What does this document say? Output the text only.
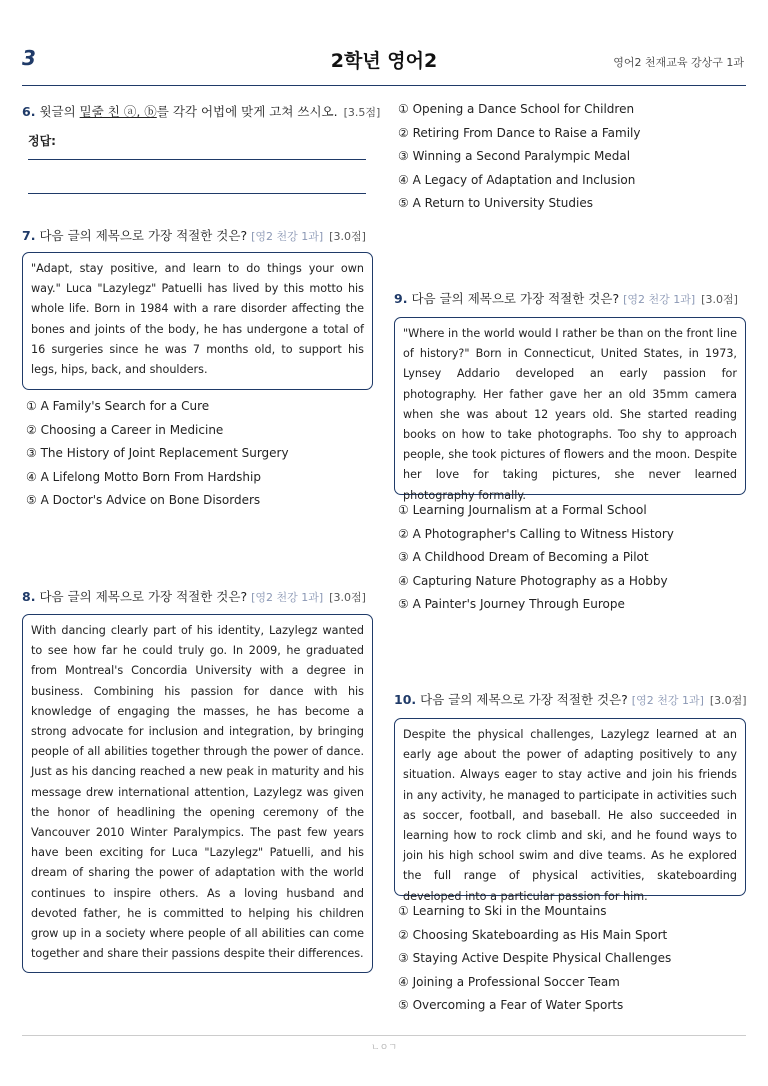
3	2학년 영어2	영어2 천재교육 강상구 1과
6. 윗글의 밑줄 친 ⓐ, ⓑ를 각각 어법에 맞게 고쳐 쓰시오. [3.5점]
정답:
7. 다음 글의 제목으로 가장 적절한 것은? [영2 천강 1과] [3.0점]
"Adapt, stay positive, and learn to do things your own way." Luca "Lazylegz" Patuelli has lived by this motto his whole life. Born in 1984 with a rare disorder affecting the bones and joints of the body, he has undergone a total of 16 surgeries since he was 7 months old, to support his legs, hips, back, and shoulders.
① A Family's Search for a Cure
② Choosing a Career in Medicine
③ The History of Joint Replacement Surgery
④ A Lifelong Motto Born From Hardship
⑤ A Doctor's Advice on Bone Disorders
8. 다음 글의 제목으로 가장 적절한 것은? [영2 천강 1과] [3.0점]
With dancing clearly part of his identity, Lazylegz wanted to see how far he could truly go. In 2009, he graduated from Montreal's Concordia University with a degree in business. Combining his passion for dance with his knowledge of engaging the masses, he has become a strong advocate for inclusion and integration, by bringing people of all abilities together through the power of dance. Just as his dancing reached a new peak in maturity and his message drew international attention, Lazylegz was given the honor of headlining the opening ceremony of the Vancouver 2010 Winter Paralympics. The past few years have been exciting for Luca "Lazylegz" Patuelli, and his dream of sharing the power of adaptation with the world continues to inspire others. As a loving husband and devoted father, he is committed to helping his children grow up in a society where people of all abilities can come together and share their passions despite their differences.
① Opening a Dance School for Children
② Retiring From Dance to Raise a Family
③ Winning a Second Paralympic Medal
④ A Legacy of Adaptation and Inclusion
⑤ A Return to University Studies
9. 다음 글의 제목으로 가장 적절한 것은? [영2 천강 1과] [3.0점]
"Where in the world would I rather be than on the front line of history?" Born in Connecticut, United States, in 1973, Lynsey Addario developed an early passion for photography. Her father gave her an old 35mm camera when she was about 12 years old. She started reading books on how to take photographs. Too shy to approach people, she took pictures of flowers and the moon. Despite her love for taking pictures, she never learned photography formally.
① Learning Journalism at a Formal School
② A Photographer's Calling to Witness History
③ A Childhood Dream of Becoming a Pilot
④ Capturing Nature Photography as a Hobby
⑤ A Painter's Journey Through Europe
10. 다음 글의 제목으로 가장 적절한 것은? [영2 천강 1과] [3.0점]
Despite the physical challenges, Lazylegz learned at an early age about the power of adapting positively to any situation. Always eager to stay active and join his friends in any activity, he managed to participate in activities such as soccer, football, and baseball. He also succeeded in learning how to rock climb and ski, and he found ways to join his high school swim and dive teams. As he explored the full range of physical activities, skateboarding developed into a particular passion for him.
① Learning to Ski in the Mountains
② Choosing Skateboarding as His Main Sport
③ Staying Active Despite Physical Challenges
④ Joining a Professional Soccer Team
⑤ Overcoming a Fear of Water Sports
ㄴㅇㄱ
